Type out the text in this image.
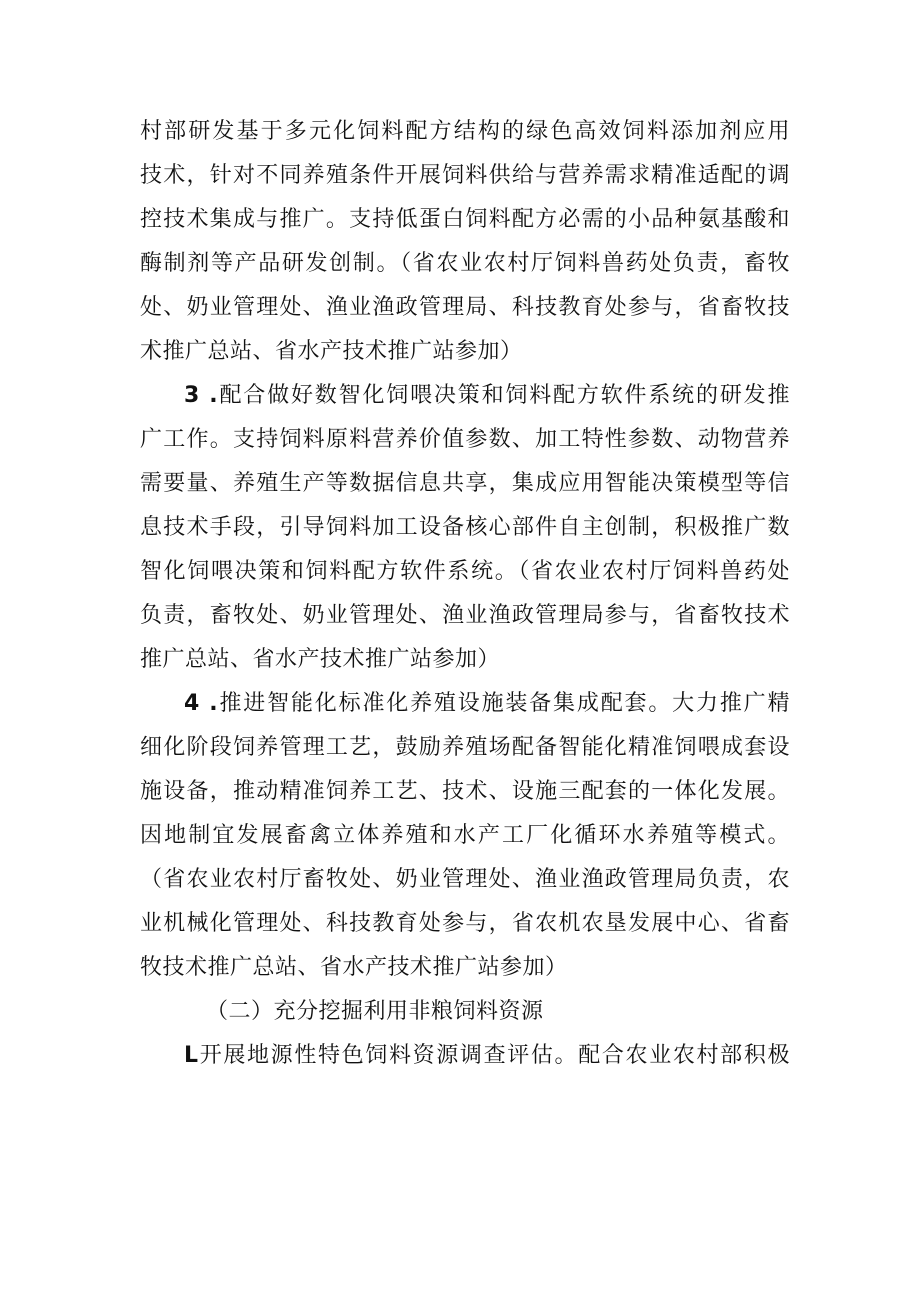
村部研发基于多元化饲料配方结构的绿色高效饲料添加剂应用
技术，针对不同养殖条件开展饲料供给与营养需求精准适配的调
控技术集成与推广。支持低蛋白饲料配方必需的小品种氨基酸和
酶制剂等产品研发创制。（省农业农村厅饲料兽药处负责，畜牧
处、奶业管理处、渔业渔政管理局、科技教育处参与，省畜牧技
术推广总站、省水产技术推广站参加）
3 .配合做好数智化饲喂决策和饲料配方软件系统的研发推
广工作。支持饲料原料营养价值参数、加工特性参数、动物营养
需要量、养殖生产等数据信息共享，集成应用智能决策模型等信
息技术手段，引导饲料加工设备核心部件自主创制，积极推广数
智化饲喂决策和饲料配方软件系统。（省农业农村厅饲料兽药处
负责，畜牧处、奶业管理处、渔业渔政管理局参与，省畜牧技术
推广总站、省水产技术推广站参加）
4 .推进智能化标准化养殖设施装备集成配套。大力推广精
细化阶段饲养管理工艺，鼓励养殖场配备智能化精准饲喂成套设
施设备，推动精准饲养工艺、技术、设施三配套的一体化发展。
因地制宜发展畜禽立体养殖和水产工厂化循环水养殖等模式。
（省农业农村厅畜牧处、奶业管理处、渔业渔政管理局负责，农
业机械化管理处、科技教育处参与，省农机农垦发展中心、省畜
牧技术推广总站、省水产技术推广站参加）
（二）充分挖掘利用非粮饲料资源
L开展地源性特色饲料资源调查评估。配合农业农村部积极
